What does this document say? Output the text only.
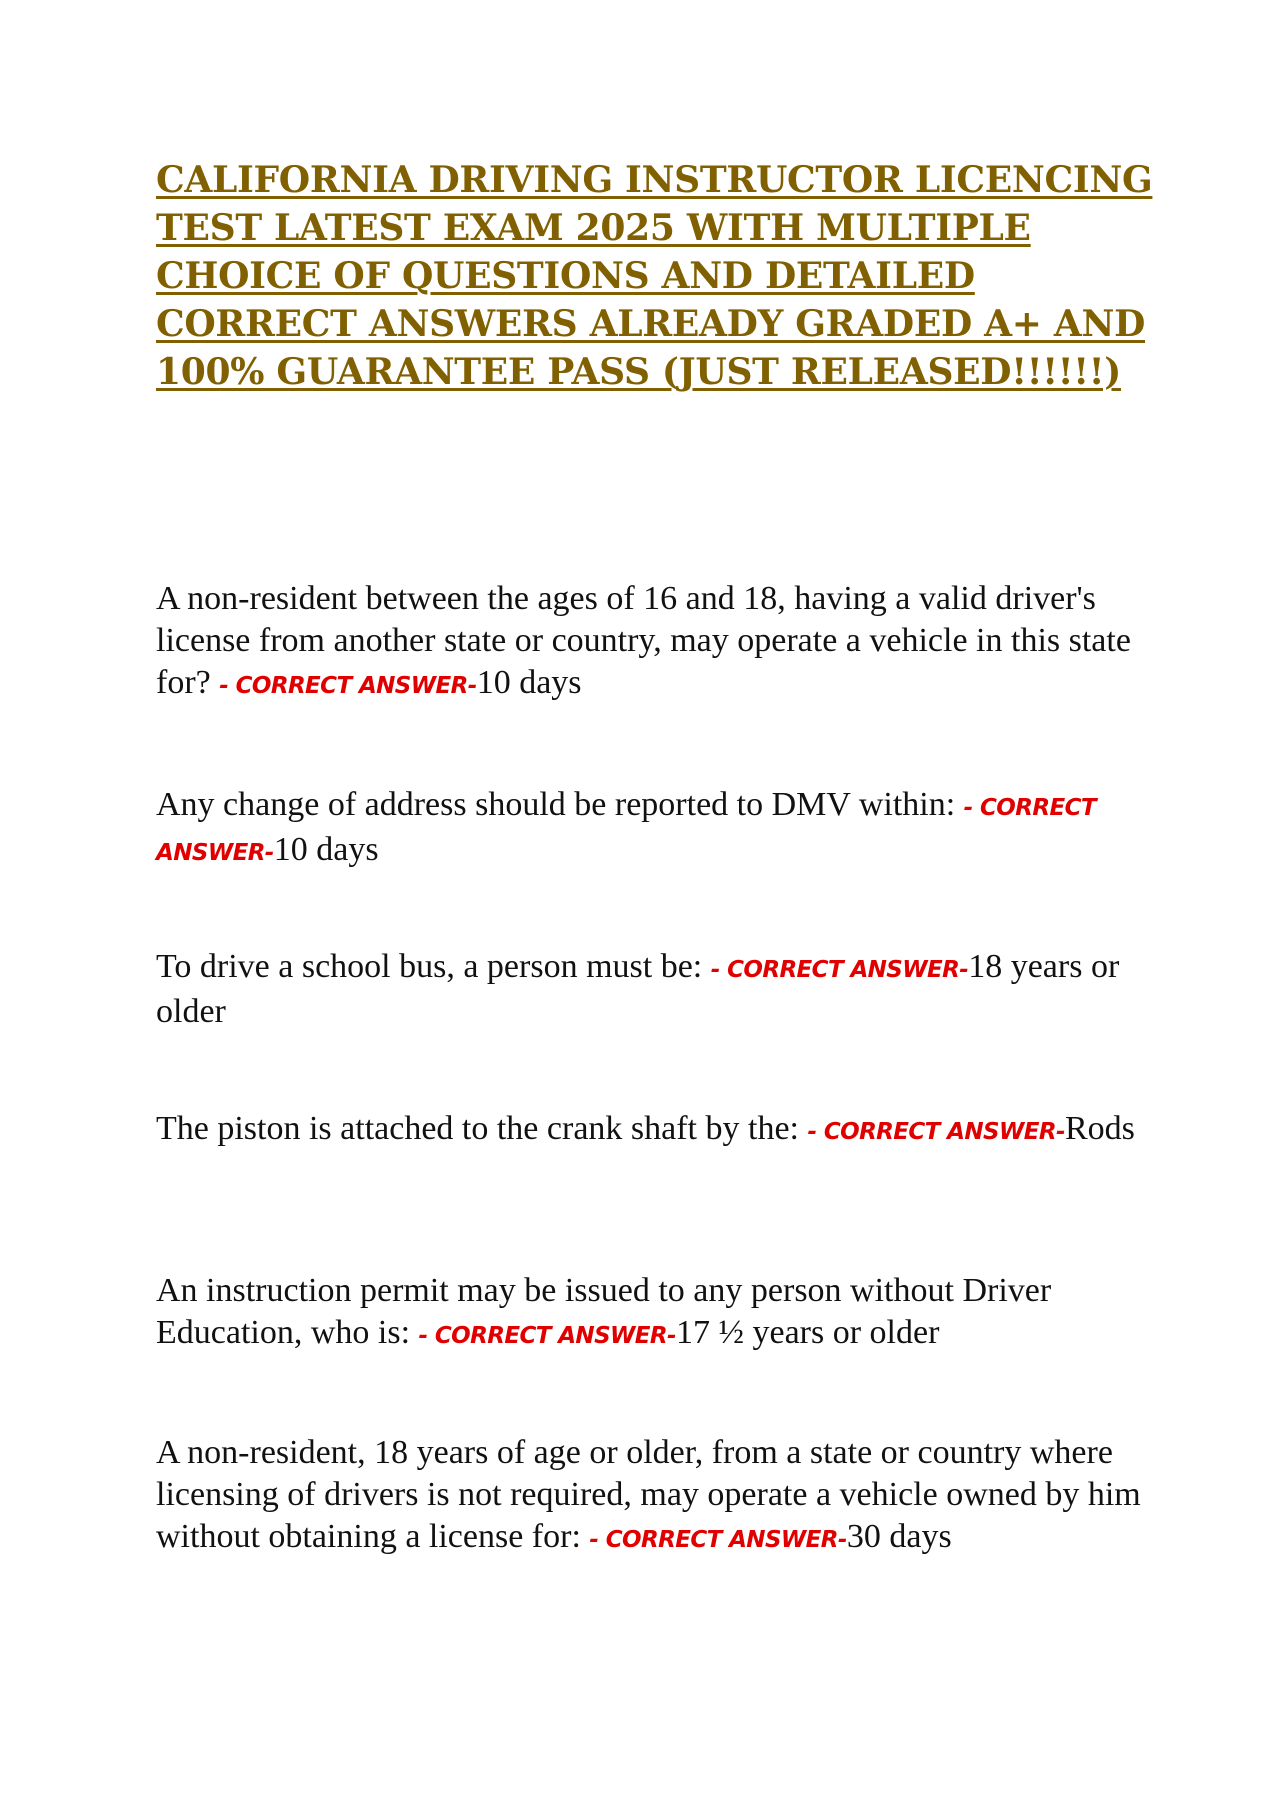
CALIFORNIA DRIVING INSTRUCTOR LICENCING TEST LATEST EXAM 2025 WITH MULTIPLE CHOICE OF QUESTIONS AND DETAILED CORRECT ANSWERS ALREADY GRADED A+ AND 100% GUARANTEE PASS (JUST RELEASED!!!!!!)

A non-resident between the ages of 16 and 18, having a valid driver's license from another state or country, may operate a vehicle in this state for? - CORRECT ANSWER-10 days

Any change of address should be reported to DMV within: - CORRECT ANSWER-10 days

To drive a school bus, a person must be: - CORRECT ANSWER-18 years or older

The piston is attached to the crank shaft by the: - CORRECT ANSWER-Rods

An instruction permit may be issued to any person without Driver Education, who is: - CORRECT ANSWER-17 ½ years or older

A non-resident, 18 years of age or older, from a state or country where licensing of drivers is not required, may operate a vehicle owned by him without obtaining a license for: - CORRECT ANSWER-30 days
